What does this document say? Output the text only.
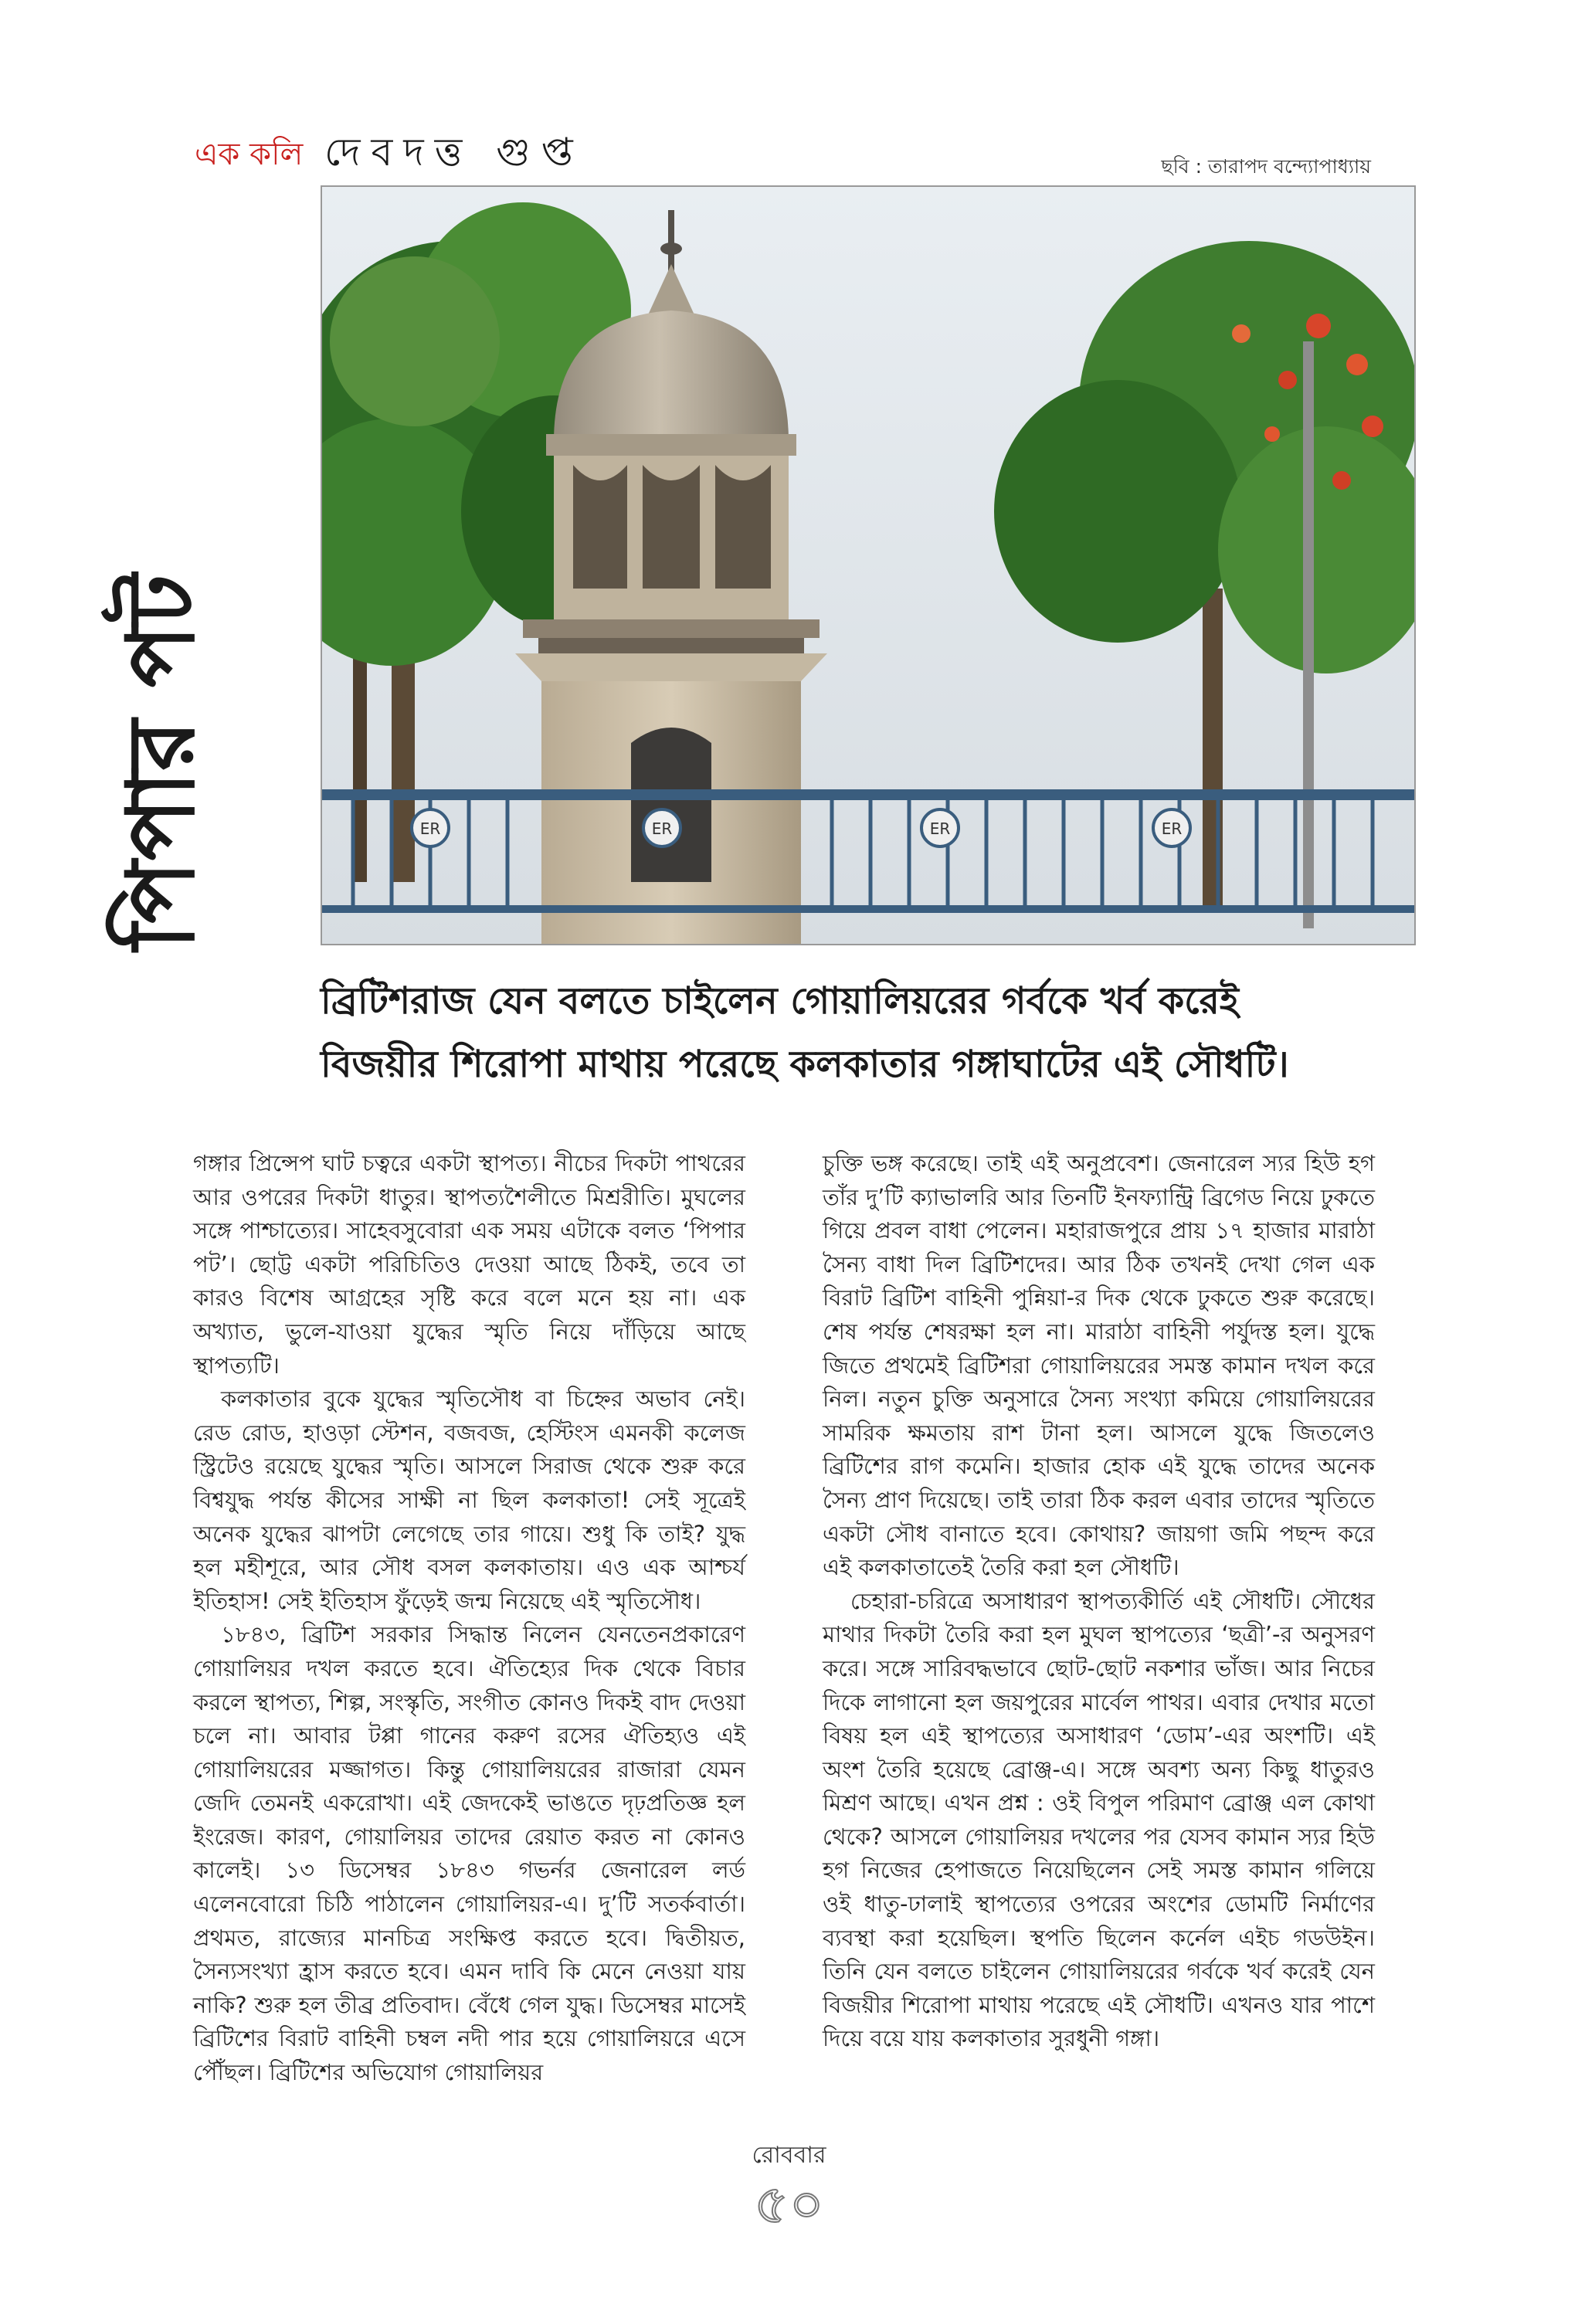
এক কলি দেবদত্ত গুপ্ত	ছবি : তারাপদ বন্দ্যোপাধ্যায়
পিপার পট	ER	ER	ER	ER
ব্রিটিশরাজ যেন বলতে চাইলেন গোয়ালিয়রের গর্বকে খর্ব করেই
বিজয়ীর শিরোপা মাথায় পরেছে কলকাতার গঙ্গাঘাটের এই সৌধটি।

গঙ্গার প্রিন্সেপ ঘাট চত্বরে একটা স্থাপত্য। নীচের দিকটা পাথরের আর ওপরের দিকটা ধাতুর। স্থাপত্যশৈলীতে মিশ্ররীতি। মুঘলের সঙ্গে পাশ্চাত্যের। সাহেবসুবোরা এক সময় এটাকে বলত ‘পিপার পট’। ছোট্ট একটা পরিচিতিও দেওয়া আছে ঠিকই, তবে তা কারও বিশেষ আগ্রহের সৃষ্টি করে বলে মনে হয় না। এক অখ্যাত, ভুলে-যাওয়া যুদ্ধের স্মৃতি নিয়ে দাঁড়িয়ে আছে স্থাপত্যটি।

কলকাতার বুকে যুদ্ধের স্মৃতিসৌধ বা চিহ্নের অভাব নেই। রেড রোড, হাওড়া স্টেশন, বজবজ, হেস্টিংস এমনকী কলেজ স্ট্রিটেও রয়েছে যুদ্ধের স্মৃতি। আসলে সিরাজ থেকে শুরু করে বিশ্বযুদ্ধ পর্যন্ত কীসের সাক্ষী না ছিল কলকাতা! সেই সূত্রেই অনেক যুদ্ধের ঝাপটা লেগেছে তার গায়ে। শুধু কি তাই? যুদ্ধ হল মহীশূরে, আর সৌধ বসল কলকাতায়। এও এক আশ্চর্য ইতিহাস! সেই ইতিহাস ফুঁড়েই জন্ম নিয়েছে এই স্মৃতিসৌধ।

১৮৪৩, ব্রিটিশ সরকার সিদ্ধান্ত নিলেন যেনতেনপ্রকারেণ গোয়ালিয়র দখল করতে হবে। ঐতিহ্যের দিক থেকে বিচার করলে স্থাপত্য, শিল্প, সংস্কৃতি, সংগীত কোনও দিকই বাদ দেওয়া চলে না। আবার টপ্পা গানের করুণ রসের ঐতিহ্যও এই গোয়ালিয়রের মজ্জাগত। কিন্তু গোয়ালিয়রের রাজারা যেমন জেদি তেমনই একরোখা। এই জেদকেই ভাঙতে দৃঢ়প্রতিজ্ঞ হল ইংরেজ। কারণ, গোয়ালিয়র তাদের রেয়াত করত না কোনও কালেই। ১৩ ডিসেম্বর ১৮৪৩ গভর্নর জেনারেল লর্ড এলেনবোরো চিঠি পাঠালেন গোয়ালিয়র-এ। দু’টি সতর্কবার্তা। প্রথমত, রাজ্যের মানচিত্র সংক্ষিপ্ত করতে হবে। দ্বিতীয়ত, সৈন্যসংখ্যা হ্রাস করতে হবে। এমন দাবি কি মেনে নেওয়া যায় নাকি? শুরু হল তীব্র প্রতিবাদ। বেঁধে গেল যুদ্ধ। ডিসেম্বর মাসেই ব্রিটিশের বিরাট বাহিনী চম্বল নদী পার হয়ে গোয়ালিয়রে এসে পৌঁছল। ব্রিটিশের অভিযোগ গোয়ালিয়র

চুক্তি ভঙ্গ করেছে। তাই এই অনুপ্রবেশ। জেনারেল স্যর হিউ হগ তাঁর দু’টি ক্যাভালরি আর তিনটি ইনফ্যান্ট্রি ব্রিগেড নিয়ে ঢুকতে গিয়ে প্রবল বাধা পেলেন। মহারাজপুরে প্রায় ১৭ হাজার মারাঠা সৈন্য বাধা দিল ব্রিটিশদের। আর ঠিক তখনই দেখা গেল এক বিরাট ব্রিটিশ বাহিনী পুন্নিয়া-র দিক থেকে ঢুকতে শুরু করেছে। শেষ পর্যন্ত শেষরক্ষা হল না। মারাঠা বাহিনী পর্যুদস্ত হল। যুদ্ধে জিতে প্রথমেই ব্রিটিশরা গোয়ালিয়রের সমস্ত কামান দখল করে নিল। নতুন চুক্তি অনুসারে সৈন্য সংখ্যা কমিয়ে গোয়ালিয়রের সামরিক ক্ষমতায় রাশ টানা হল। আসলে যুদ্ধে জিতলেও ব্রিটিশের রাগ কমেনি। হাজার হোক এই যুদ্ধে তাদের অনেক সৈন্য প্রাণ দিয়েছে। তাই তারা ঠিক করল এবার তাদের স্মৃতিতে একটা সৌধ বানাতে হবে। কোথায়? জায়গা জমি পছন্দ করে এই কলকাতাতেই তৈরি করা হল সৌধটি।

চেহারা-চরিত্রে অসাধারণ স্থাপত্যকীর্তি এই সৌধটি। সৌধের মাথার দিকটা তৈরি করা হল মুঘল স্থাপত্যের ‘ছত্রী’-র অনুসরণ করে। সঙ্গে সারিবদ্ধভাবে ছোট-ছোট নকশার ভাঁজ। আর নিচের দিকে লাগানো হল জয়পুরের মার্বেল পাথর। এবার দেখার মতো বিষয় হল এই স্থাপত্যের অসাধারণ ‘ডোম’-এর অংশটি। এই অংশ তৈরি হয়েছে ব্রোঞ্জ-এ। সঙ্গে অবশ্য অন্য কিছু ধাতুরও মিশ্রণ আছে। এখন প্রশ্ন : ওই বিপুল পরিমাণ ব্রোঞ্জ এল কোথা থেকে? আসলে গোয়ালিয়র দখলের পর যেসব কামান স্যর হিউ হগ নিজের হেপাজতে নিয়েছিলেন সেই সমস্ত কামান গলিয়ে ওই ধাতু-ঢালাই স্থাপত্যের ওপরের অংশের ডোমটি নির্মাণের ব্যবস্থা করা হয়েছিল। স্থপতি ছিলেন কর্নেল এইচ গডউইন। তিনি যেন বলতে চাইলেন গোয়ালিয়রের গর্বকে খর্ব করেই যেন বিজয়ীর শিরোপা মাথায় পরেছে এই সৌধটি। এখনও যার পাশে দিয়ে বয়ে যায় কলকাতার সুরধুনী গঙ্গা।

রোববার
৫০
